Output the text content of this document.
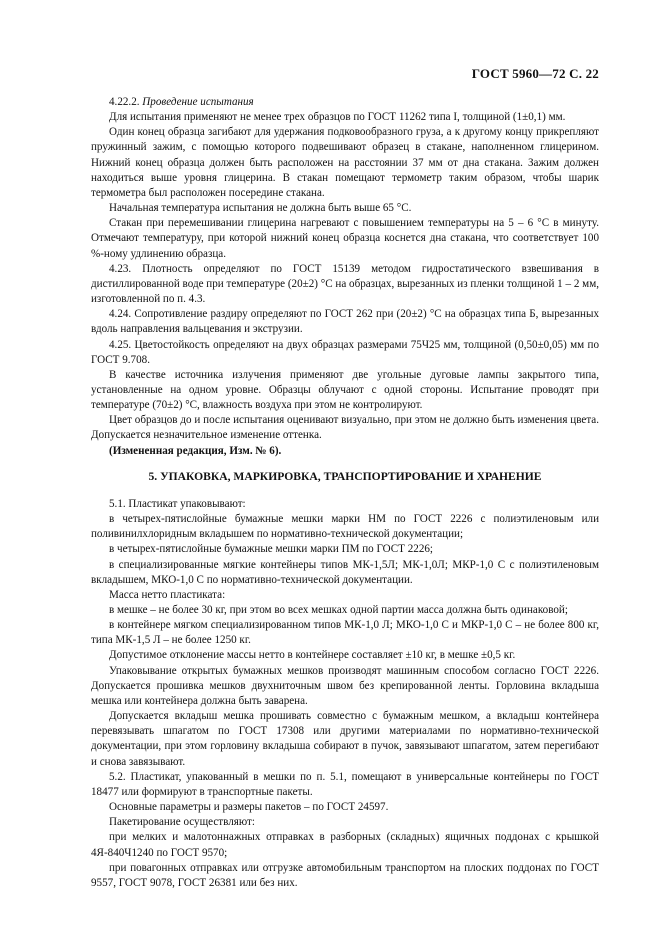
ГОСТ 5960—72 С. 22

4.22.2. Проведение испытания

Для испытания применяют не менее трех образцов по ГОСТ 11262 типа I, толщиной (1±0,1) мм.

Один конец образца загибают для удержания подковообразного груза, а к другому концу прикрепляют пружинный зажим, с помощью которого подвешивают образец в стакане, наполненном глицерином. Нижний конец образца должен быть расположен на расстоянии 37 мм от дна стакана. Зажим должен находиться выше уровня глицерина. В стакан помещают термометр таким образом, чтобы шарик термометра был расположен посередине стакана.

Начальная температура испытания не должна быть выше 65 °С.

Стакан при перемешивании глицерина нагревают с повышением температуры на 5 – 6 °С в минуту. Отмечают температуру, при которой нижний конец образца коснется дна стакана, что соответствует 100 %-ному удлинению образца.

4.23. Плотность определяют по ГОСТ 15139 методом гидростатического взвешивания в дистиллированной воде при температуре (20±2) °С на образцах, вырезанных из пленки толщиной 1 – 2 мм, изготовленной по п. 4.3.

4.24. Сопротивление раздиру определяют по ГОСТ 262 при (20±2) °С на образцах типа Б, вырезанных вдоль направления вальцевания и экструзии.

4.25. Цветостойкость определяют на двух образцах размерами 75Ч25 мм, толщиной (0,50±0,05) мм по ГОСТ 9.708.

В качестве источника излучения применяют две угольные дуговые лампы закрытого типа, установленные на одном уровне. Образцы облучают с одной стороны. Испытание проводят при температуре (70±2) °С, влажность воздуха при этом не контролируют.

Цвет образцов до и после испытания оценивают визуально, при этом не должно быть изменения цвета. Допускается незначительное изменение оттенка.

(Измененная редакция, Изм. № 6).

5. УПАКОВКА, МАРКИРОВКА, ТРАНСПОРТИРОВАНИЕ И ХРАНЕНИЕ

5.1. Пластикат упаковывают:

в четырех-пятислойные бумажные мешки марки НМ по ГОСТ 2226 с полиэтиленовым или поливинилхлоридным вкладышем по нормативно-технической документации;

в четырех-пятислойные бумажные мешки марки ПМ по ГОСТ 2226;

в специализированные мягкие контейнеры типов МК-1,5Л; МК-1,0Л; МКР-1,0 С с полиэтиленовым вкладышем, МКО-1,0 С по нормативно-технической документации.

Масса нетто пластиката:

в мешке – не более 30 кг, при этом во всех мешках одной партии масса должна быть одинаковой;

в контейнере мягком специализированном типов МК-1,0 Л; МКО-1,0 С и МКР-1,0 С – не более 800 кг, типа МК-1,5 Л – не более 1250 кг.

Допустимое отклонение массы нетто в контейнере составляет ±10 кг, в мешке ±0,5 кг.

Упаковывание открытых бумажных мешков производят машинным способом согласно ГОСТ 2226. Допускается прошивка мешков двухниточным швом без крепированной ленты. Горловина вкладыша мешка или контейнера должна быть заварена.

Допускается вкладыш мешка прошивать совместно с бумажным мешком, а вкладыш контейнера перевязывать шпагатом по ГОСТ 17308 или другими материалами по нормативно-технической документации, при этом горловину вкладыша собирают в пучок, завязывают шпагатом, затем перегибают и снова завязывают.

5.2. Пластикат, упакованный в мешки по п. 5.1, помещают в универсальные контейнеры по ГОСТ 18477 или формируют в транспортные пакеты.

Основные параметры и размеры пакетов – по ГОСТ 24597.

Пакетирование осуществляют:

при мелких и малотоннажных отправках в разборных (складных) ящичных поддонах с крышкой 4Я-840Ч1240 по ГОСТ 9570;

при повагонных отправках или отгрузке автомобильным транспортом на плоских поддонах по ГОСТ 9557, ГОСТ 9078, ГОСТ 26381 или без них.
